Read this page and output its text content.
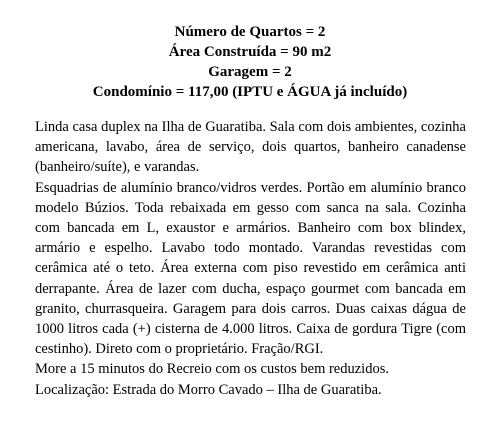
Número de Quartos = 2
Área Construída = 90 m2
Garagem = 2
Condomínio = 117,00 (IPTU e ÁGUA já incluído)

Linda casa duplex na Ilha de Guaratiba. Sala com dois ambientes, cozinha americana, lavabo, área de serviço, dois quartos, banheiro canadense (banheiro/suíte), e varandas.

Esquadrias de alumínio branco/vidros verdes. Portão em alumínio branco modelo Búzios. Toda rebaixada em gesso com sanca na sala. Cozinha com bancada em L, exaustor e armários. Banheiro com box blindex, armário e espelho. Lavabo todo montado. Varandas revestidas com cerâmica até o teto. Área externa com piso revestido em cerâmica anti derrapante. Área de lazer com ducha, espaço gourmet com bancada em granito, churrasqueira. Garagem para dois carros. Duas caixas dágua de 1000 litros cada (+) cisterna de 4.000 litros. Caixa de gordura Tigre (com cestinho). Direto com o proprietário. Fração/RGI.

More a 15 minutos do Recreio com os custos bem reduzidos.

Localização: Estrada do Morro Cavado – Ilha de Guaratiba.
